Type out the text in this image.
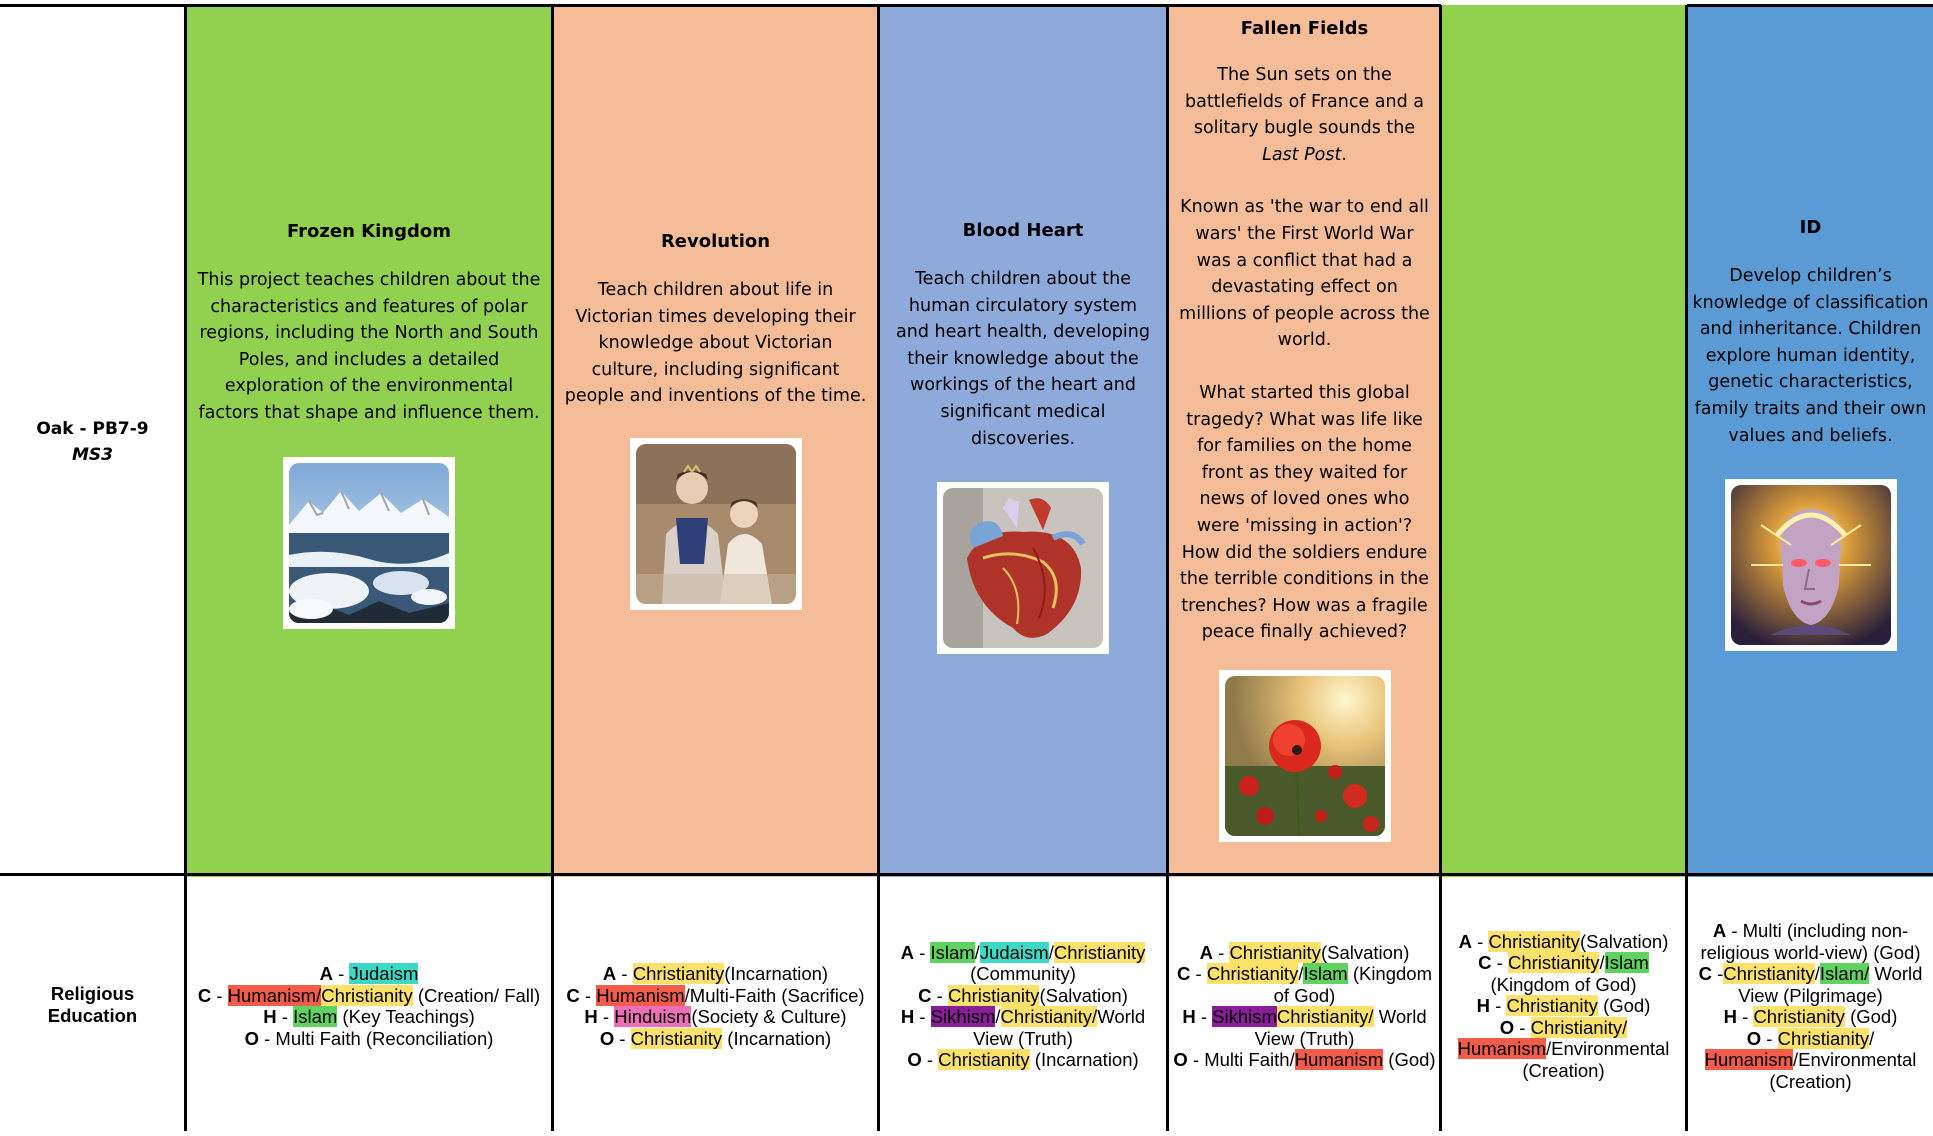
Oak - PB7-9
MS3
Religious
Education
Frozen Kingdom
This project teaches children about the characteristics and features of polar regions, including the North and South Poles, and includes a detailed exploration of the environmental factors that shape and influence them.
Revolution
Teach children about life in Victorian times developing their knowledge about Victorian culture, including significant people and inventions of the time.
Blood Heart
Teach children about the human circulatory system and heart health, developing their knowledge about the workings of the heart and significant medical discoveries.
Fallen Fields
The Sun sets on the battlefields of France and a solitary bugle sounds the Last Post.
Known as 'the war to end all wars' the First World War was a conflict that had a devastating effect on millions of people across the world.
What started this global tragedy? What was life like for families on the home front as they waited for news of loved ones who were 'missing in action'? How did the soldiers endure the terrible conditions in the trenches? How was a fragile peace finally achieved?
ID
Develop children’s knowledge of classification and inheritance. Children explore human identity, genetic characteristics, family traits and their own values and beliefs.
A - Judaism
C - Humanism/Christianity (Creation/ Fall)
H - Islam (Key Teachings)
O - Multi Faith (Reconciliation)
A - Christianity(Incarnation)
C - Humanism/Multi-Faith (Sacrifice)
H - Hinduism(Society & Culture)
O - Christianity (Incarnation)
A - Islam/Judaism/Christianity (Community)
C - Christianity(Salvation)
H - Sikhism/Christianity/World View (Truth)
O - Christianity (Incarnation)
A - Christianity(Salvation)
C - Christianity/Islam (Kingdom of God)
H - SikhismChristianity/ World View (Truth)
O - Multi Faith/Humanism (God)
A - Christianity(Salvation)
C - Christianity/Islam (Kingdom of God)
H - Christianity (God)
O - Christianity/ Humanism/Environmental (Creation)
A - Multi (including non-religious world-view) (God)
C -Christianity/Islam/ World View (Pilgrimage)
H - Christianity (God)
O - Christianity/ Humanism/Environmental (Creation)
